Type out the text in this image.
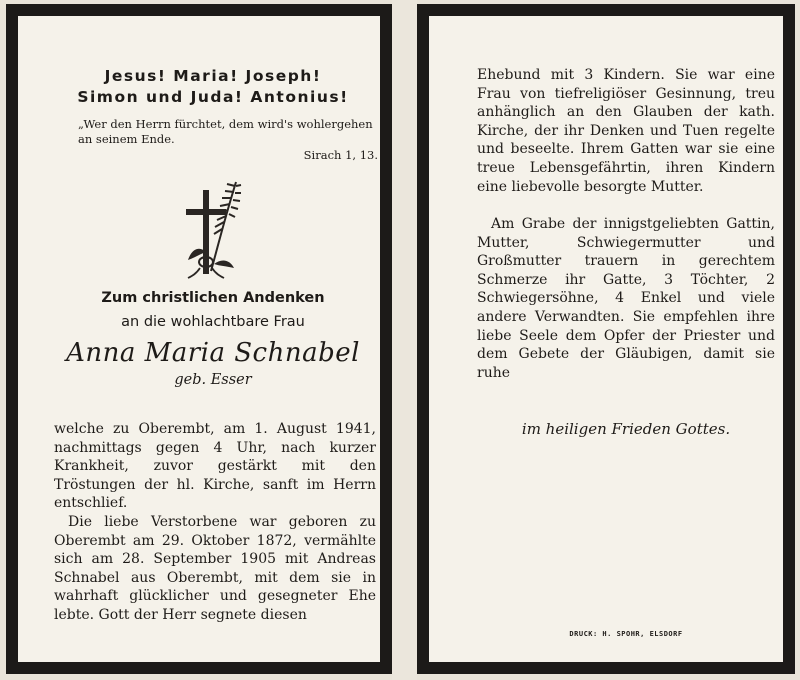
Jesus! Maria! Joseph!

Simon und Juda! Antonius!

„Wer den Herrn fürchtet, dem wird's wohlergehen an seinem Ende.

Sirach 1, 13.

Zum christlichen Andenken

an die wohlachtbare Frau

Anna Maria Schnabel

geb. Esser

welche zu Oberembt, am 1. August 1941, nachmittags gegen 4 Uhr, nach kurzer Krankheit, zuvor gestärkt mit den Tröstungen der hl. Kirche, sanft im Herrn entschlief.

Die liebe Verstorbene war geboren zu Oberembt am 29. Oktober 1872, vermählte sich am 28. September 1905 mit Andreas Schnabel aus Oberembt, mit dem sie in wahrhaft glücklicher und gesegneter Ehe lebte. Gott der Herr segnete diesen

Ehebund mit 3 Kindern. Sie war eine Frau von tiefreligiöser Gesinnung, treu anhänglich an den Glauben der kath. Kirche, der ihr Denken und Tuen regelte und beseelte. Ihrem Gatten war sie eine treue Lebensgefährtin, ihren Kindern eine liebevolle besorgte Mutter.

Am Grabe der innigstgeliebten Gattin, Mutter, Schwiegermutter und Großmutter trauern in gerechtem Schmerze ihr Gatte, 3 Töchter, 2 Schwiegersöhne, 4 Enkel und viele andere Verwandten. Sie empfehlen ihre liebe Seele dem Opfer der Priester und dem Gebete der Gläubigen, damit sie ruhe

im heiligen Frieden Gottes.

DRUCK: H. SPOHR, ELSDORF
